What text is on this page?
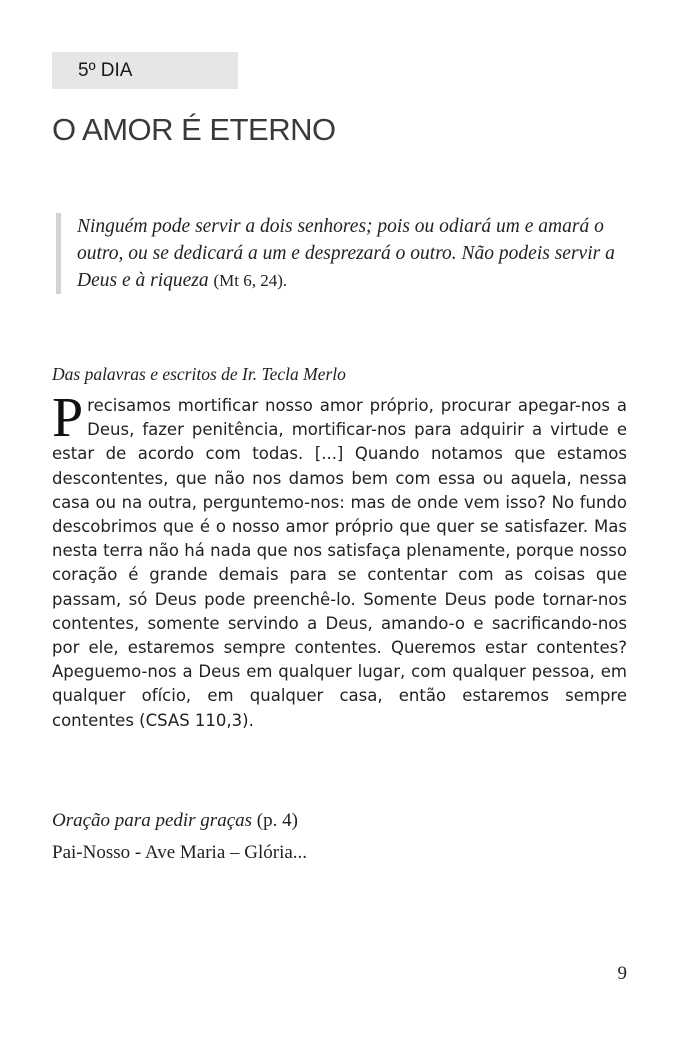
5º DIA
O AMOR É ETERNO

Ninguém pode servir a dois senhores; pois ou odiará um e amará o outro, ou se dedicará a um e desprezará o outro. Não podeis servir a Deus e à riqueza (Mt 6, 24).

Das palavras e escritos de Ir. Tecla Merlo

Precisamos mortificar nosso amor próprio, procurar apegar-nos a Deus, fazer penitência, mortificar-nos para adquirir a virtude e estar de acordo com todas. [...] Quando notamos que estamos descontentes, que não nos damos bem com essa ou aquela, nessa casa ou na outra, perguntemo-nos: mas de onde vem isso? No fundo descobrimos que é o nosso amor próprio que quer se satisfazer. Mas nesta terra não há nada que nos satisfaça plenamente, porque nosso coração é grande demais para se contentar com as coisas que passam, só Deus pode preenchê-lo. Somente Deus pode tornar-nos contentes, somente servindo a Deus, amando-o e sacrificando-nos por ele, estaremos sempre contentes. Queremos estar contentes? Apeguemo-nos a Deus em qualquer lugar, com qualquer pessoa, em qualquer ofício, em qualquer casa, então estaremos sempre contentes (CSAS 110,3).

Oração para pedir graças (p. 4)

Pai-Nosso - Ave Maria – Glória...

9
